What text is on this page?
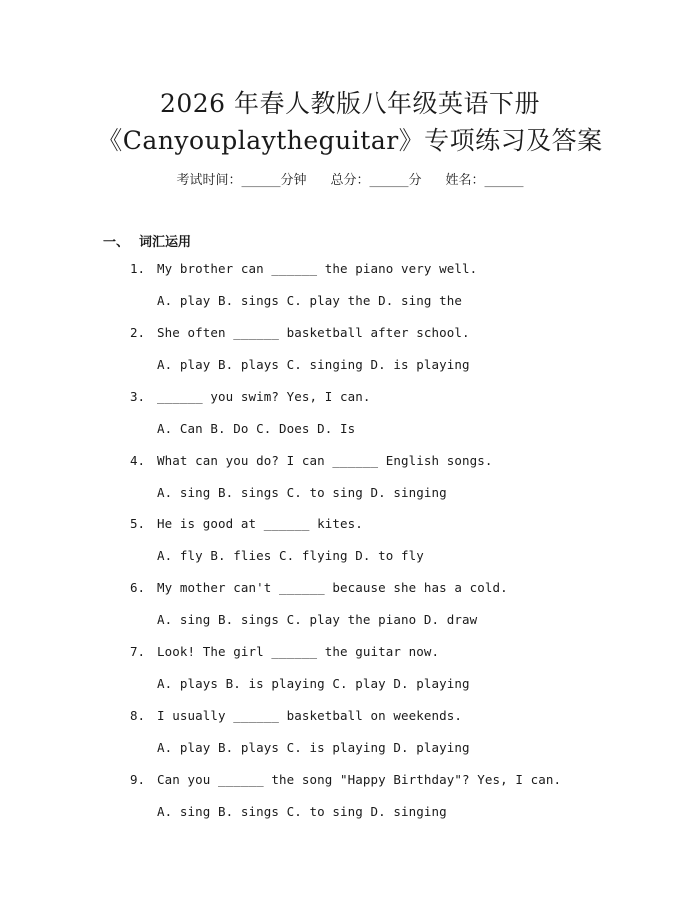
2026 年春人教版八年级英语下册
《Canyouplaytheguitar》专项练习及答案
考试时间：______分钟 总分：______分 姓名：______
一、 词汇运用
1. My brother can ______ the piano very well.
A. play B. sings C. play the D. sing the
2. She often ______ basketball after school.
A. play B. plays C. singing D. is playing
3. ______ you swim? Yes, I can.
A. Can B. Do C. Does D. Is
4. What can you do? I can ______ English songs.
A. sing B. sings C. to sing D. singing
5. He is good at ______ kites.
A. fly B. flies C. flying D. to fly
6. My mother can't ______ because she has a cold.
A. sing B. sings C. play the piano D. draw
7. Look! The girl ______ the guitar now.
A. plays B. is playing C. play D. playing
8. I usually ______ basketball on weekends.
A. play B. plays C. is playing D. playing
9. Can you ______ the song "Happy Birthday"? Yes, I can.
A. sing B. sings C. to sing D. singing
